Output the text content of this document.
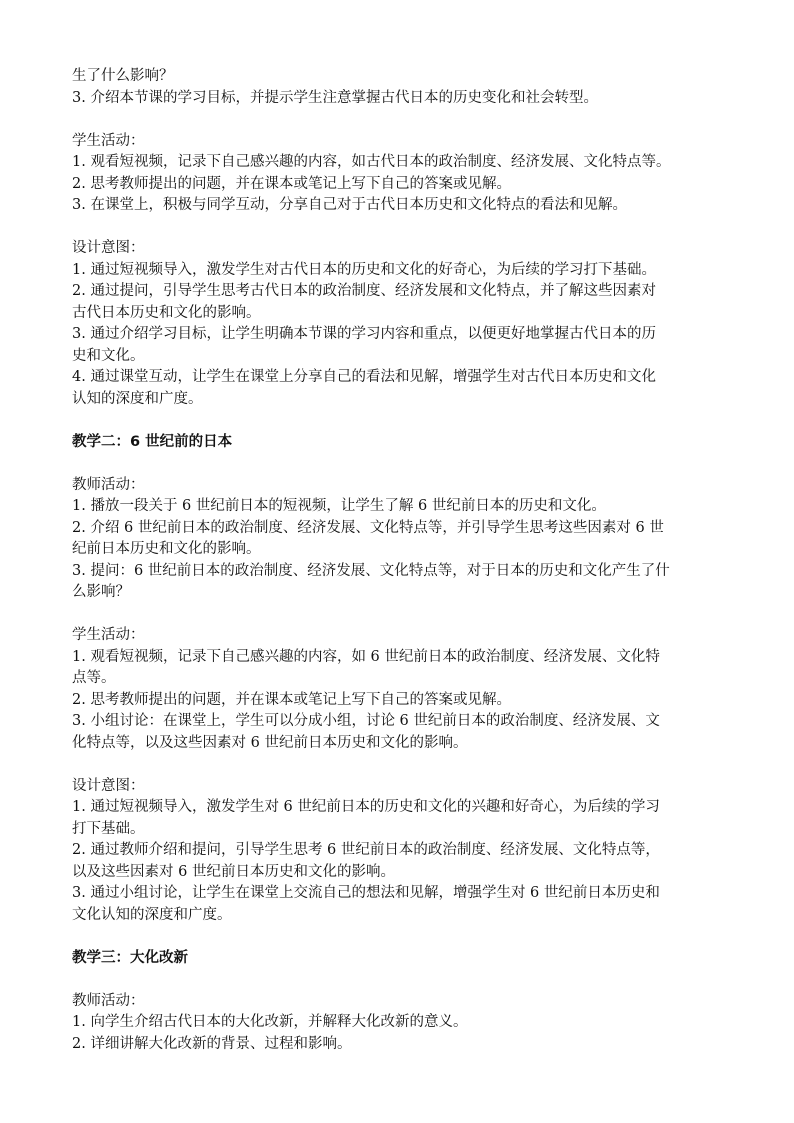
生了什么影响？

3. 介绍本节课的学习目标，并提示学生注意掌握古代日本的历史变化和社会转型。

学生活动：

1. 观看短视频，记录下自己感兴趣的内容，如古代日本的政治制度、经济发展、文化特点等。

2. 思考教师提出的问题，并在课本或笔记上写下自己的答案或见解。

3. 在课堂上，积极与同学互动，分享自己对于古代日本历史和文化特点的看法和见解。

设计意图：

1. 通过短视频导入，激发学生对古代日本的历史和文化的好奇心，为后续的学习打下基础。

2. 通过提问，引导学生思考古代日本的政治制度、经济发展和文化特点，并了解这些因素对

古代日本历史和文化的影响。

3. 通过介绍学习目标，让学生明确本节课的学习内容和重点，以便更好地掌握古代日本的历

史和文化。

4. 通过课堂互动，让学生在课堂上分享自己的看法和见解，增强学生对古代日本历史和文化

认知的深度和广度。

教学二：6 世纪前的日本

教师活动：

1. 播放一段关于 6 世纪前日本的短视频，让学生了解 6 世纪前日本的历史和文化。

2. 介绍 6 世纪前日本的政治制度、经济发展、文化特点等，并引导学生思考这些因素对 6 世

纪前日本历史和文化的影响。

3. 提问：6 世纪前日本的政治制度、经济发展、文化特点等，对于日本的历史和文化产生了什

么影响？

学生活动：

1. 观看短视频，记录下自己感兴趣的内容，如 6 世纪前日本的政治制度、经济发展、文化特

点等。

2. 思考教师提出的问题，并在课本或笔记上写下自己的答案或见解。

3. 小组讨论：在课堂上，学生可以分成小组，讨论 6 世纪前日本的政治制度、经济发展、文

化特点等，以及这些因素对 6 世纪前日本历史和文化的影响。

设计意图：

1. 通过短视频导入，激发学生对 6 世纪前日本的历史和文化的兴趣和好奇心，为后续的学习

打下基础。

2. 通过教师介绍和提问，引导学生思考 6 世纪前日本的政治制度、经济发展、文化特点等，

以及这些因素对 6 世纪前日本历史和文化的影响。

3. 通过小组讨论，让学生在课堂上交流自己的想法和见解，增强学生对 6 世纪前日本历史和

文化认知的深度和广度。

教学三：大化改新

教师活动：

1. 向学生介绍古代日本的大化改新，并解释大化改新的意义。

2. 详细讲解大化改新的背景、过程和影响。
